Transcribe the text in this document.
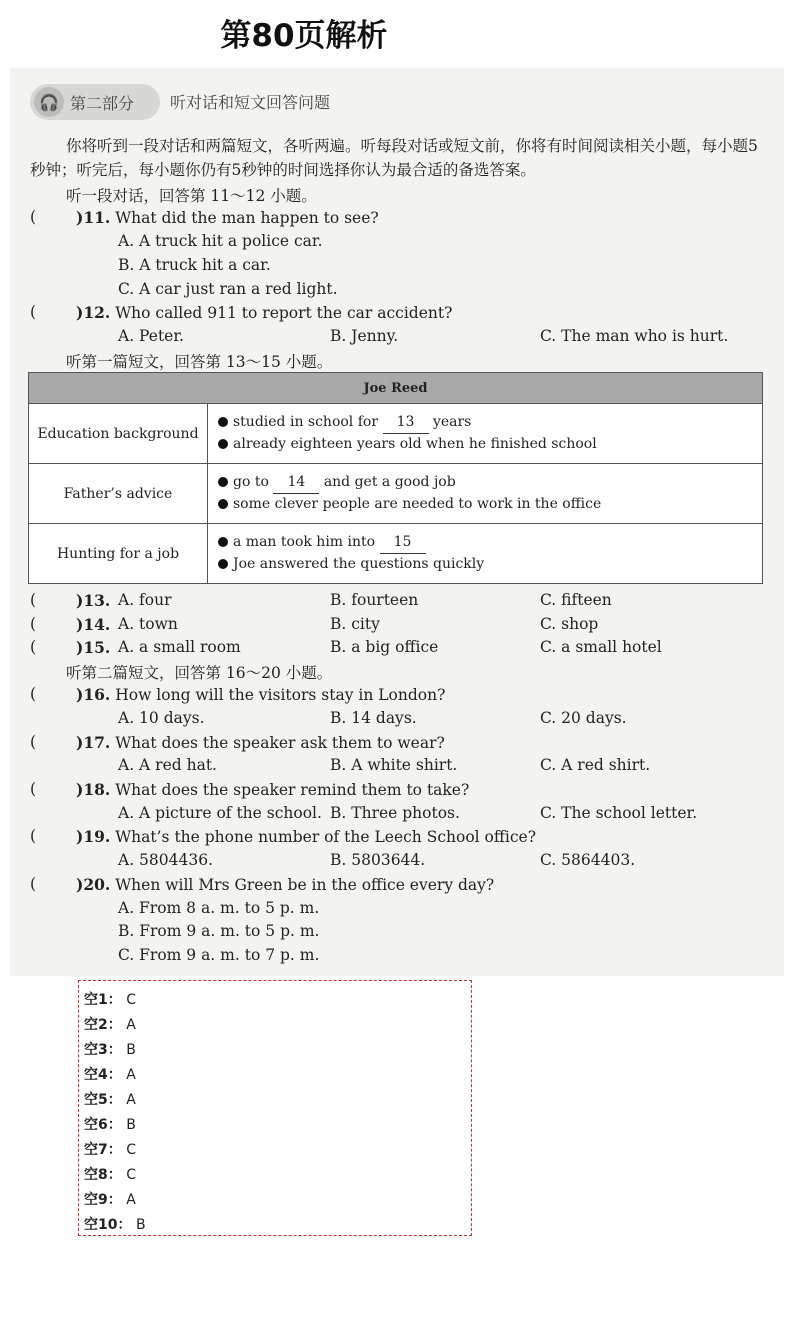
第80页解析
🎧 第二部分 听对话和短文回答问题
你将听到一段对话和两篇短文，各听两遍。听每段对话或短文前，你将有时间阅读相关小题，每小题5秒钟；听完后，每小题你仍有5秒钟的时间选择你认为最合适的备选答案。
听一段对话，回答第 11～12 小题。
(	)11. What did the man happen to see?
A. A truck hit a police car.
B. A truck hit a car.
C. A car just ran a red light.
(	)12. Who called 911 to report the car accident?
A. Peter.	B. Jenny.	C. The man who is hurt.
听第一篇短文，回答第 13～15 小题。
Joe Reed	
Education background	studied in school for 13 years
already eighteen years old when he finished school

Father’s advice	go to 14 and get a good job
some clever people are needed to work in the office

Hunting for a job	a man took him into 15
Joe answered the questions quickly
(	)13. A. four	B. fourteen	C. fifteen
(	)14. A. town	B. city	C. shop
(	)15. A. a small room	B. a big office	C. a small hotel
听第二篇短文，回答第 16～20 小题。
(	)16. How long will the visitors stay in London?
A. 10 days.	B. 14 days.	C. 20 days.
(	)17. What does the speaker ask them to wear?
A. A red hat.	B. A white shirt.	C. A red shirt.
(	)18. What does the speaker remind them to take?
A. A picture of the school. B. Three photos.	C. The school letter.
(	)19. What’s the phone number of the Leech School office?
A. 5804436.	B. 5803644.	C. 5864403.
(	)20. When will Mrs Green be in the office every day?
A. From 8 a. m. to 5 p. m.
B. From 9 a. m. to 5 p. m.
C. From 9 a. m. to 7 p. m.
空1： C
空2： A
空3： B
空4： A
空5： A
空6： B
空7： C
空8： C
空9： A
空10： B
